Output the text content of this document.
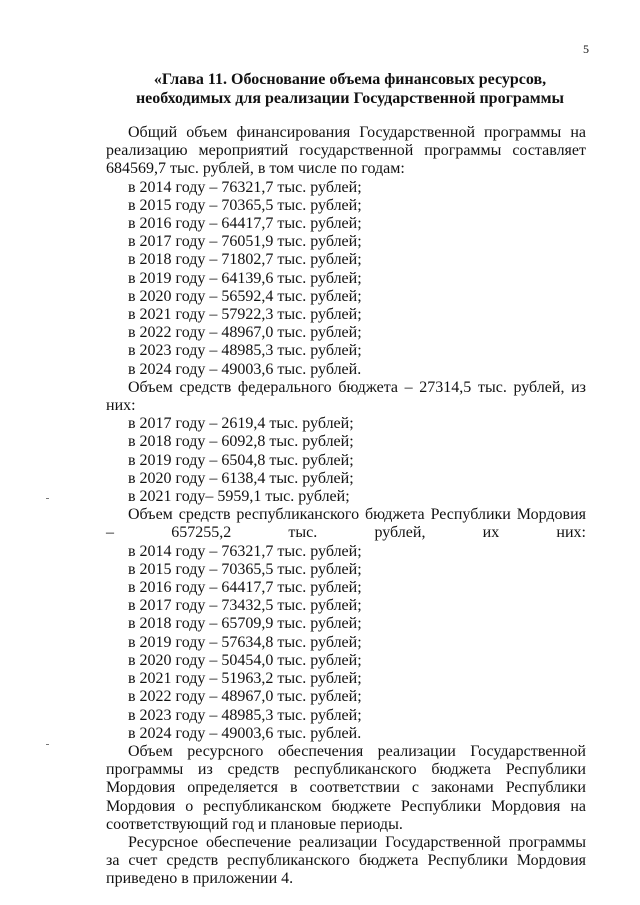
5
«Глава 11. Обоснование объема финансовых ресурсов,
необходимых для реализации Государственной программы

Общий объем финансирования Государственной программы на реализацию мероприятий государственной программы составляет 684569,7 тыс. рублей, в том числе по годам:

в 2014 году – 76321,7 тыс. рублей;
в 2015 году – 70365,5 тыс. рублей;
в 2016 году – 64417,7 тыс. рублей;
в 2017 году – 76051,9 тыс. рублей;
в 2018 году – 71802,7 тыс. рублей;
в 2019 году – 64139,6 тыс. рублей;
в 2020 году – 56592,4 тыс. рублей;
в 2021 году – 57922,3 тыс. рублей;
в 2022 году – 48967,0 тыс. рублей;
в 2023 году – 48985,3 тыс. рублей;
в 2024 году – 49003,6 тыс. рублей.

Объем средств федерального бюджета – 27314,5 тыс. рублей, из них:

в 2017 году – 2619,4 тыс. рублей;
в 2018 году – 6092,8 тыс. рублей;
в 2019 году – 6504,8 тыс. рублей;
в 2020 году – 6138,4 тыс. рублей;
в 2021 году– 5959,1 тыс. рублей;

Объем средств республиканского бюджета Республики Мордовия – 657255,2 тыс. рублей, их них:

в 2014 году – 76321,7 тыс. рублей;
в 2015 году – 70365,5 тыс. рублей;
в 2016 году – 64417,7 тыс. рублей;
в 2017 году – 73432,5 тыс. рублей;
в 2018 году – 65709,9 тыс. рублей;
в 2019 году – 57634,8 тыс. рублей;
в 2020 году – 50454,0 тыс. рублей;
в 2021 году – 51963,2 тыс. рублей;
в 2022 году – 48967,0 тыс. рублей;
в 2023 году – 48985,3 тыс. рублей;
в 2024 году – 49003,6 тыс. рублей.

Объем ресурсного обеспечения реализации Государственной программы из средств республиканского бюджета Республики Мордовия определяется в соответствии с законами Республики Мордовия о республиканском бюджете Республики Мордовия на соответствующий год и плановые периоды.

Ресурсное обеспечение реализации Государственной программы за счет средств республиканского бюджета Республики Мордовия приведено в приложении 4.
